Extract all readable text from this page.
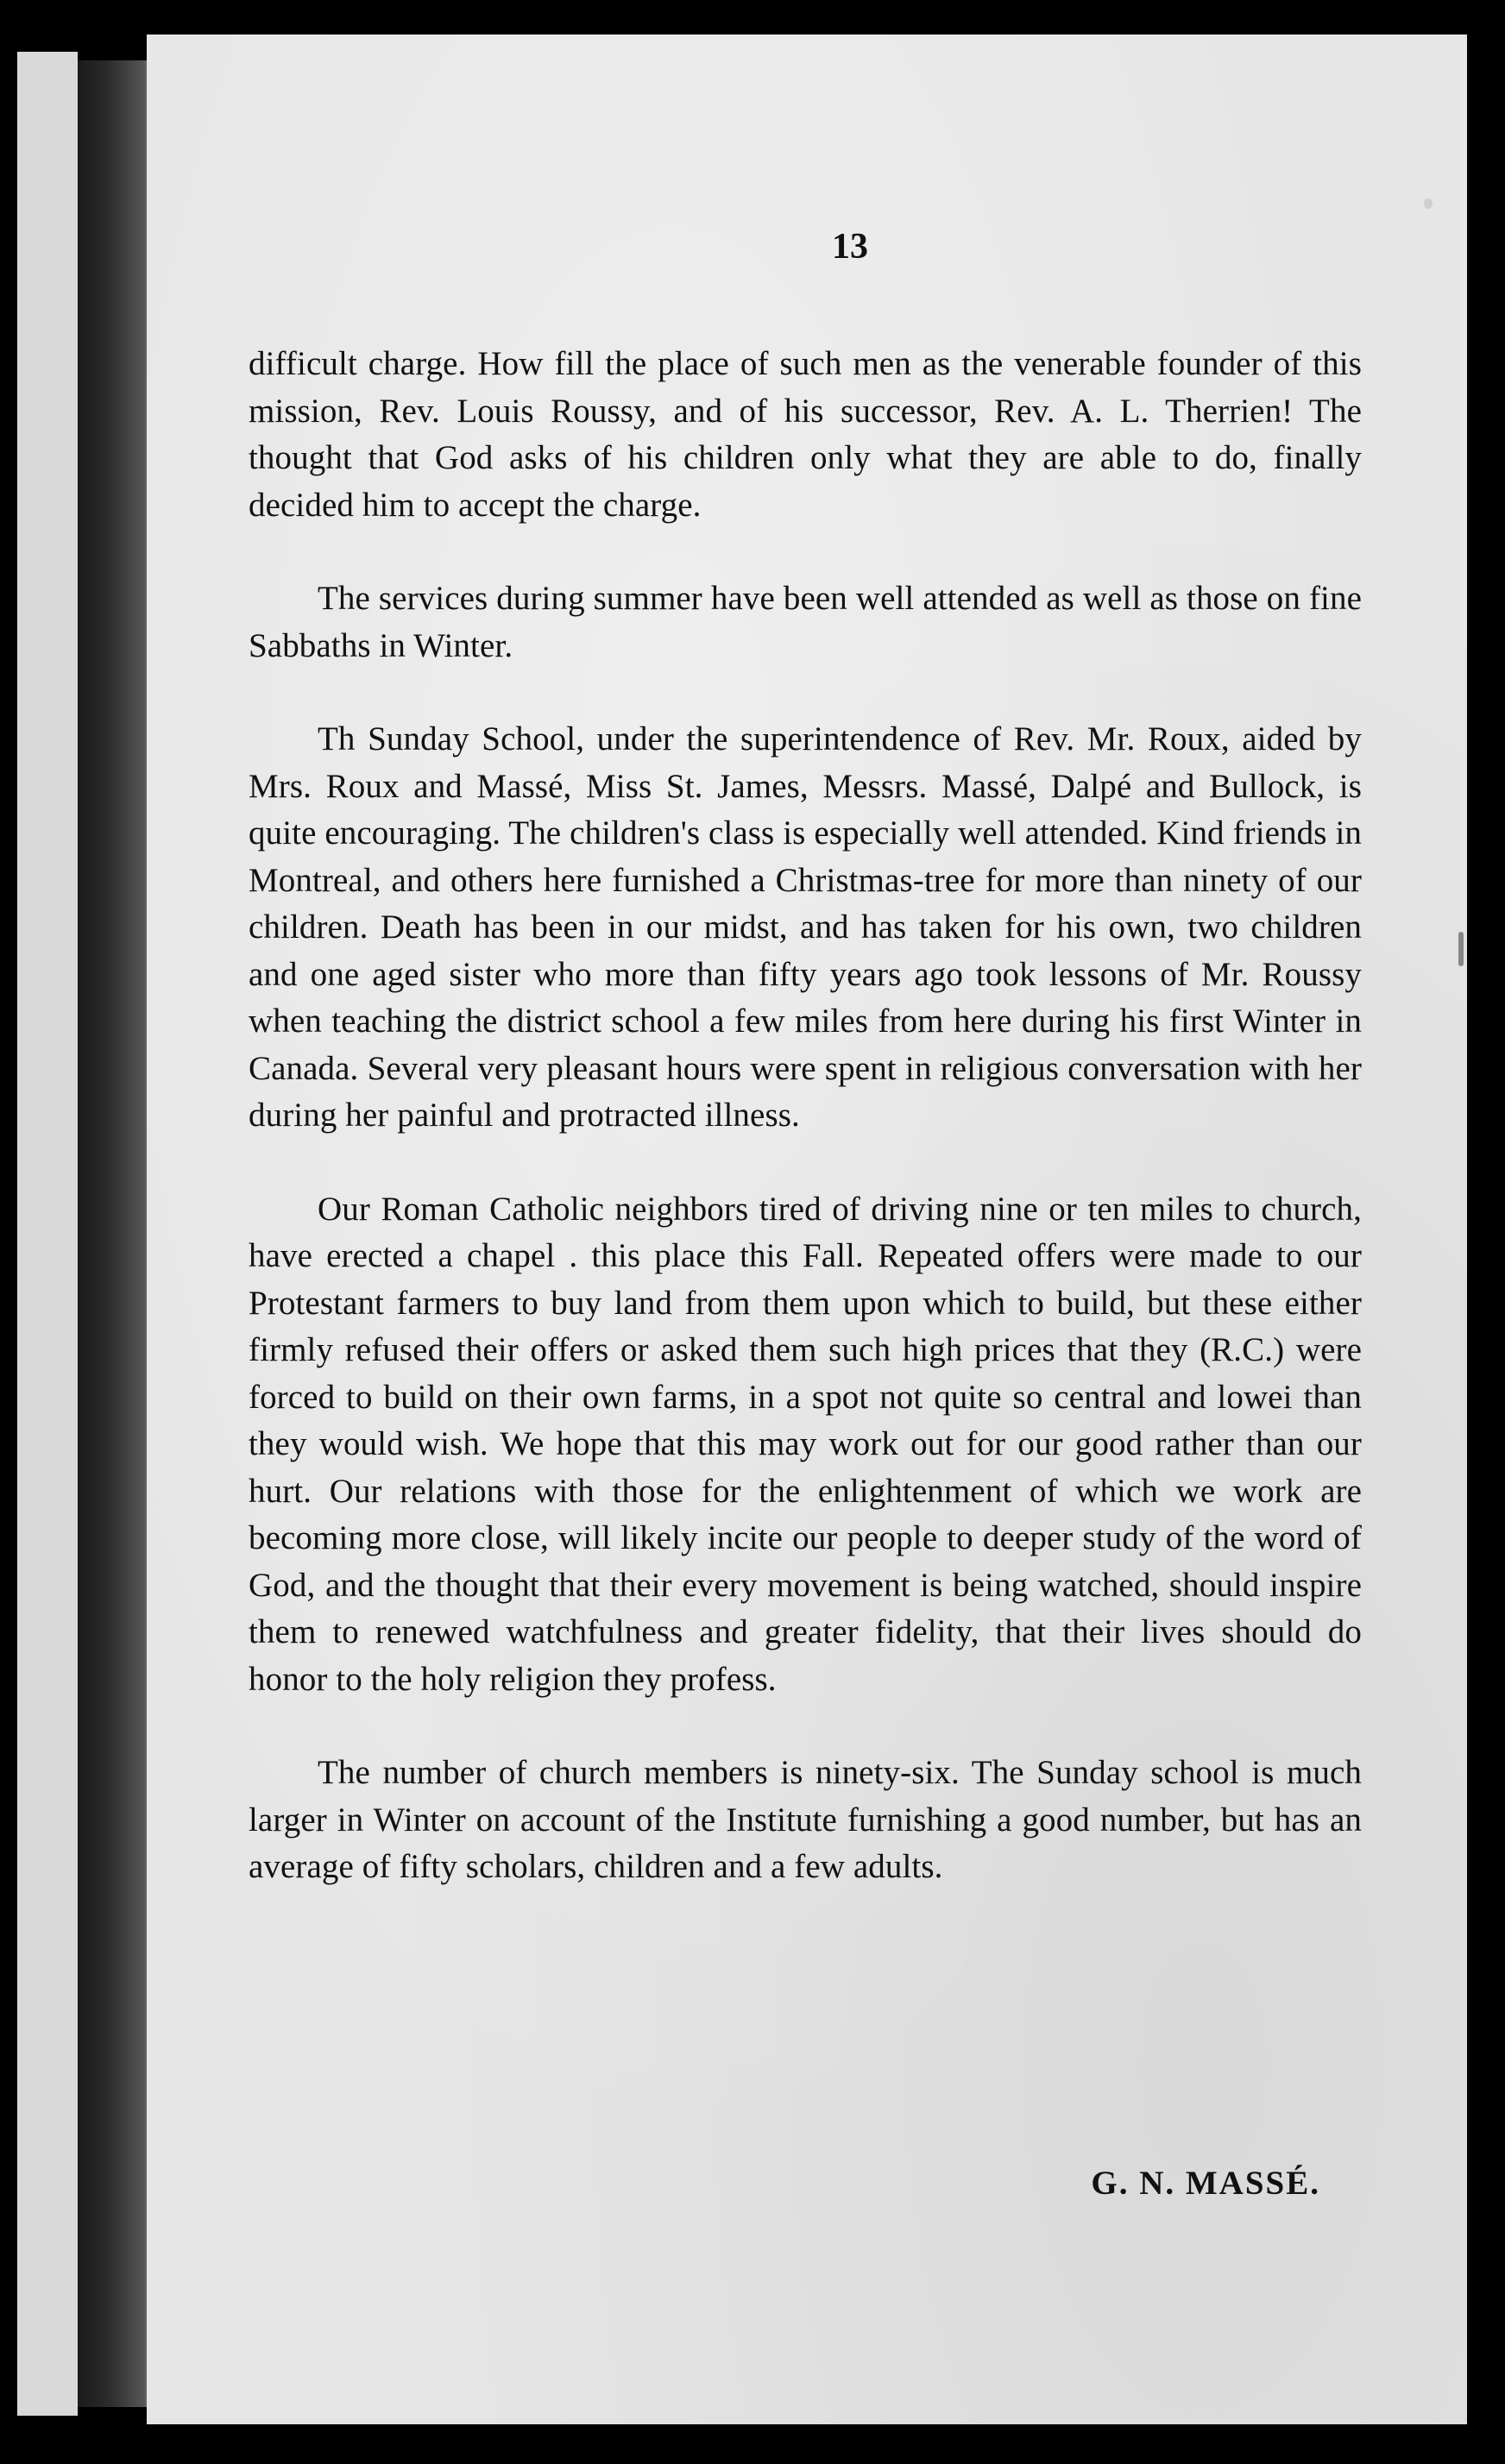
13

difficult charge. How fill the place of such men as the venerable founder of this mission, Rev. Louis Roussy, and of his successor, Rev. A. L. Therrien! The thought that God asks of his children only what they are able to do, finally decided him to accept the charge.

The services during summer have been well attended as well as those on fine Sabbaths in Winter.

Th Sunday School, under the superintendence of Rev. Mr. Roux, aided by Mrs. Roux and Massé, Miss St. James, Messrs. Massé, Dalpé and Bullock, is quite encouraging. The children's class is especially well attended. Kind friends in Montreal, and others here furnished a Christmas-tree for more than ninety of our children. Death has been in our midst, and has taken for his own, two children and one aged sister who more than fifty years ago took lessons of Mr. Roussy when teaching the district school a few miles from here during his first Winter in Canada. Several very pleasant hours were spent in religious conversation with her during her painful and protracted illness.

Our Roman Catholic neighbors tired of driving nine or ten miles to church, have erected a chapel . this place this Fall. Repeated offers were made to our Protestant farmers to buy land from them upon which to build, but these either firmly refused their offers or asked them such high prices that they (R.C.) were forced to build on their own farms, in a spot not quite so central and lowei than they would wish. We hope that this may work out for our good rather than our hurt. Our relations with those for the enlightenment of which we work are becoming more close, will likely incite our people to deeper study of the word of God, and the thought that their every movement is being watched, should inspire them to renewed watchfulness and greater fidelity, that their lives should do honor to the holy religion they profess.

The number of church members is ninety-six. The Sunday school is much larger in Winter on account of the Institute furnishing a good number, but has an average of fifty scholars, children and a few adults.

G. N. MASSÉ.
